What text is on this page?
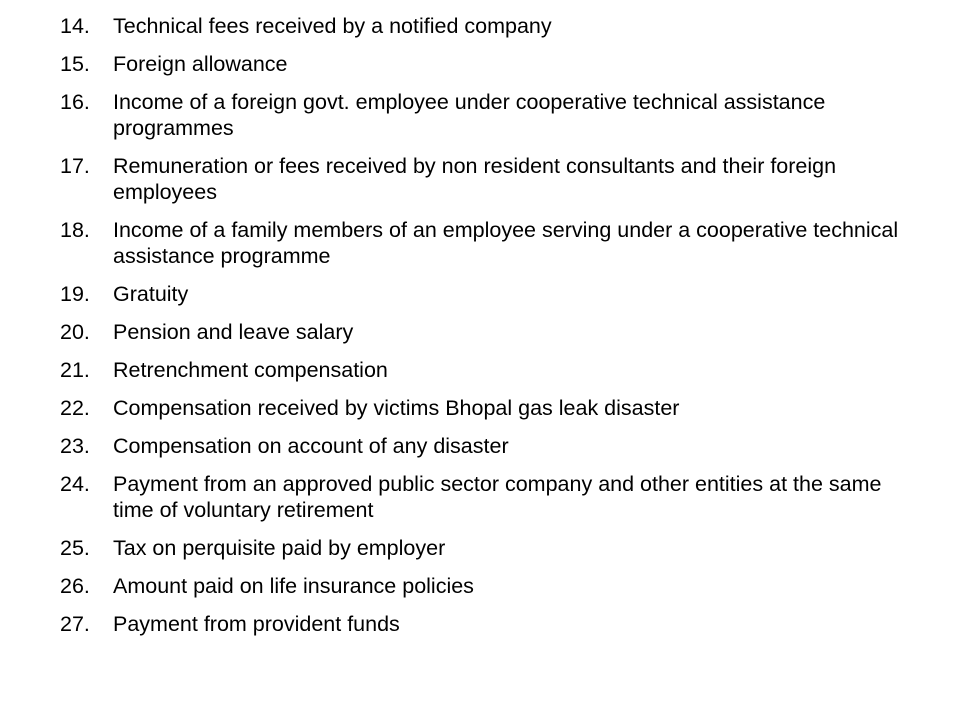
14.	Technical fees received by a notified company
15.	Foreign allowance
16.	Income of a foreign govt. employee under cooperative technical assistance programmes
17.	Remuneration or fees received by non resident consultants and their foreign employees
18.	Income of a family members of an employee serving under a cooperative technical assistance programme
19.	Gratuity
20.	Pension and leave salary
21.	Retrenchment compensation
22.	Compensation received by victims Bhopal gas leak disaster
23.	Compensation on account of any disaster
24.	Payment from an approved public sector company and other entities at the same time of voluntary retirement
25.	Tax on perquisite paid by employer
26.	Amount paid on life insurance policies
27.	Payment from provident funds
